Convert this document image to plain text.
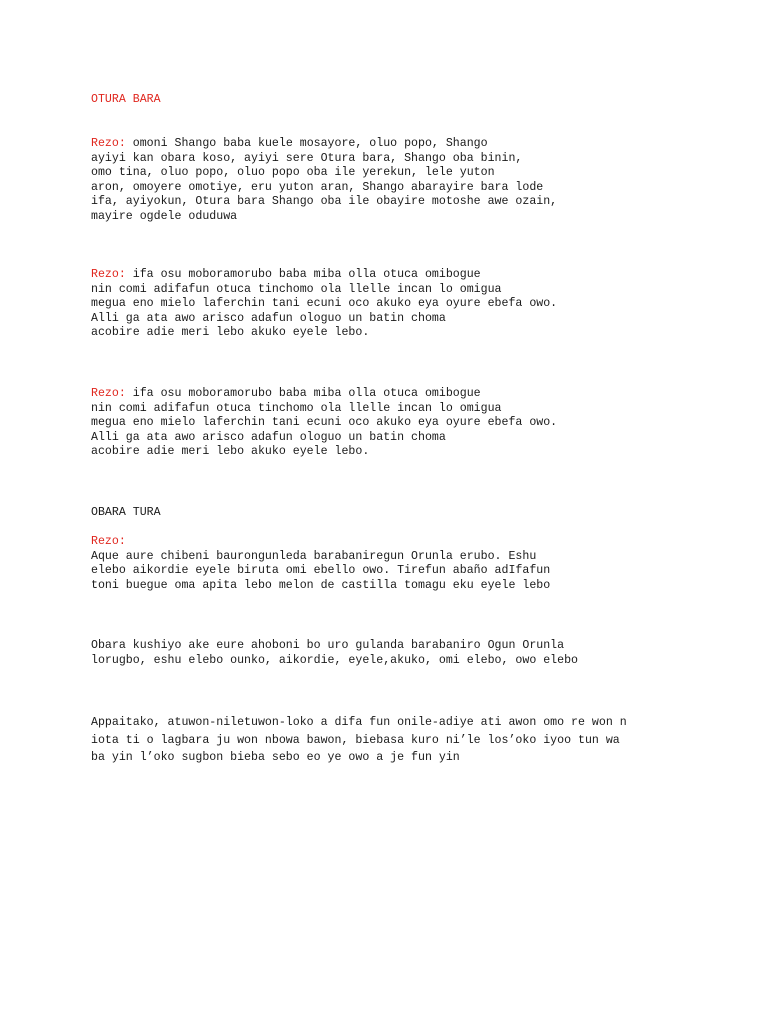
OTURA BARA
Rezo: omoni Shango baba kuele mosayore, oluo popo, Shango
ayiyi kan obara koso, ayiyi sere Otura bara, Shango oba binin,
omo tina, oluo popo, oluo popo oba ile yerekun, lele yuton
aron, omoyere omotiye, eru yuton aran, Shango abarayire bara lode
ifa, ayiyokun, Otura bara Shango oba ile obayire motoshe awe ozain,
mayire ogdele oduduwa
Rezo: ifa osu moboramorubo baba miba olla otuca omibogue
nin comi adifafun otuca tinchomo ola llelle incan lo omigua
megua eno mielo laferchin tani ecuni oco akuko eya oyure ebefa owo.
Alli ga ata awo arisco adafun ologuo un batin choma
acobire adie meri lebo akuko eyele lebo.
Rezo: ifa osu moboramorubo baba miba olla otuca omibogue
nin comi adifafun otuca tinchomo ola llelle incan lo omigua
megua eno mielo laferchin tani ecuni oco akuko eya oyure ebefa owo.
Alli ga ata awo arisco adafun ologuo un batin choma
acobire adie meri lebo akuko eyele lebo.
OBARA TURA
Rezo:
Aque aure chibeni baurongunleda barabaniregun Orunla erubo. Eshu
elebo aikordie eyele biruta omi ebello owo. Tirefun abaño adIfafun
toni buegue oma apita lebo melon de castilla tomagu eku eyele lebo
Obara kushiyo ake eure ahoboni bo uro gulanda barabaniro Ogun Orunla
lorugbo, eshu elebo ounko, aikordie, eyele,akuko, omi elebo, owo elebo
Appaitako, atuwon-niletuwon-loko a difa fun onile-adiye ati awon omo re won n
iota ti o lagbara ju won nbowa bawon, biebasa kuro ni’le los’oko iyoo tun wa
ba yin l’oko sugbon bieba sebo eo ye owo a je fun yin
